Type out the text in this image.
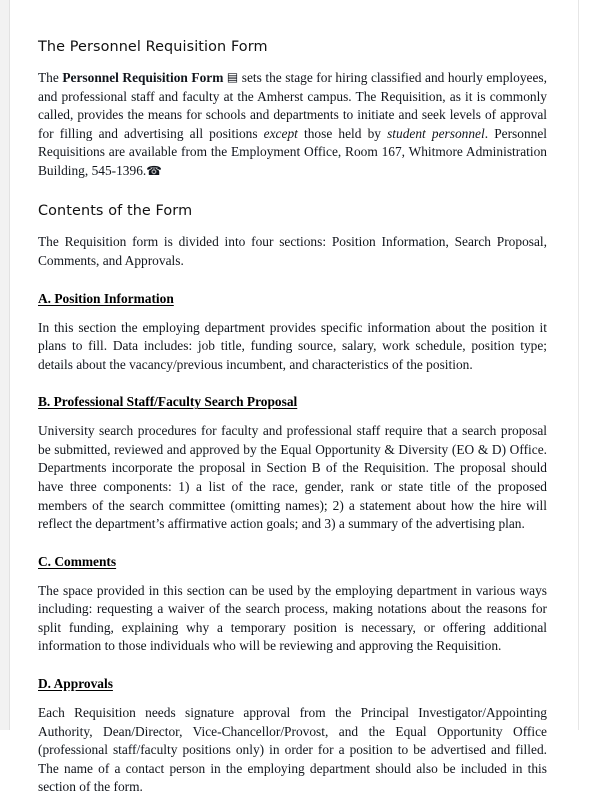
The Personnel Requisition Form

The Personnel Requisition Form ▤ sets the stage for hiring classified and hourly employees, and professional staff and faculty at the Amherst campus. The Requisition, as it is commonly called, provides the means for schools and departments to initiate and seek levels of approval for filling and advertising all positions except those held by student personnel. Personnel Requisitions are available from the Employment Office, Room 167, Whitmore Administration Building, 545-1396.☎

Contents of the Form

The Requisition form is divided into four sections: Position Information, Search Proposal, Comments, and Approvals.

A. Position Information

In this section the employing department provides specific information about the position it plans to fill. Data includes: job title, funding source, salary, work schedule, position type; details about the vacancy/previous incumbent, and characteristics of the position.

B. Professional Staff/Faculty Search Proposal

University search procedures for faculty and professional staff require that a search proposal be submitted, reviewed and approved by the Equal Opportunity & Diversity (EO & D) Office. Departments incorporate the proposal in Section B of the Requisition. The proposal should have three components: 1) a list of the race, gender, rank or state title of the proposed members of the search committee (omitting names); 2) a statement about how the hire will reflect the department’s affirmative action goals; and 3) a summary of the advertising plan.

C. Comments

The space provided in this section can be used by the employing department in various ways  including: requesting a waiver of the search process, making notations about the reasons for split funding, explaining why a temporary position is necessary, or offering additional information to those individuals who will be reviewing and approving the Requisition.

D. Approvals

Each Requisition needs signature approval from the Principal Investigator/Appointing Authority, Dean/Director, Vice-Chancellor/Provost, and the Equal Opportunity Office (professional staff/faculty positions only) in order for a position to be advertised and filled. The name of a contact person in the employing department should also be included in this section of the form.
